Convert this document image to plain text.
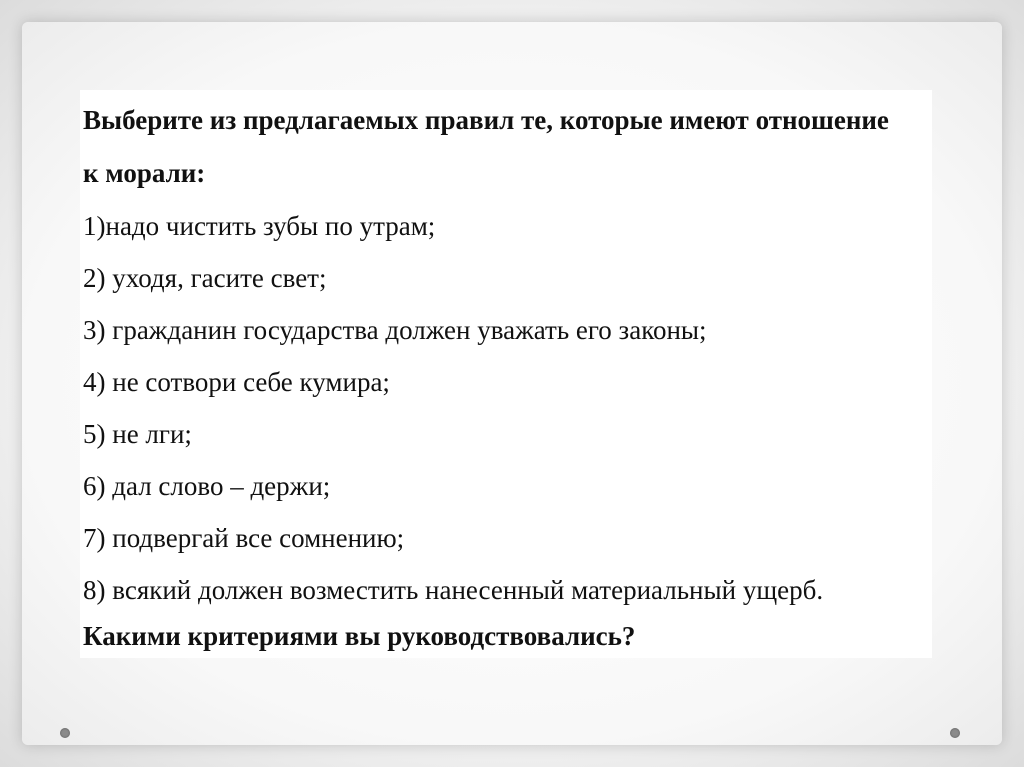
Выберите из предлагаемых правил те, которые имеют отношение

к морали:

1)надо чистить зубы по утрам;

2) уходя, гасите свет;

3) гражданин государства должен уважать его законы;

4) не сотвори себе кумира;

5) не лги;

6) дал слово – держи;

7) подвергай все сомнению;

8) всякий должен возместить нанесенный материальный ущерб.

Какими критериями вы руководствовались?
